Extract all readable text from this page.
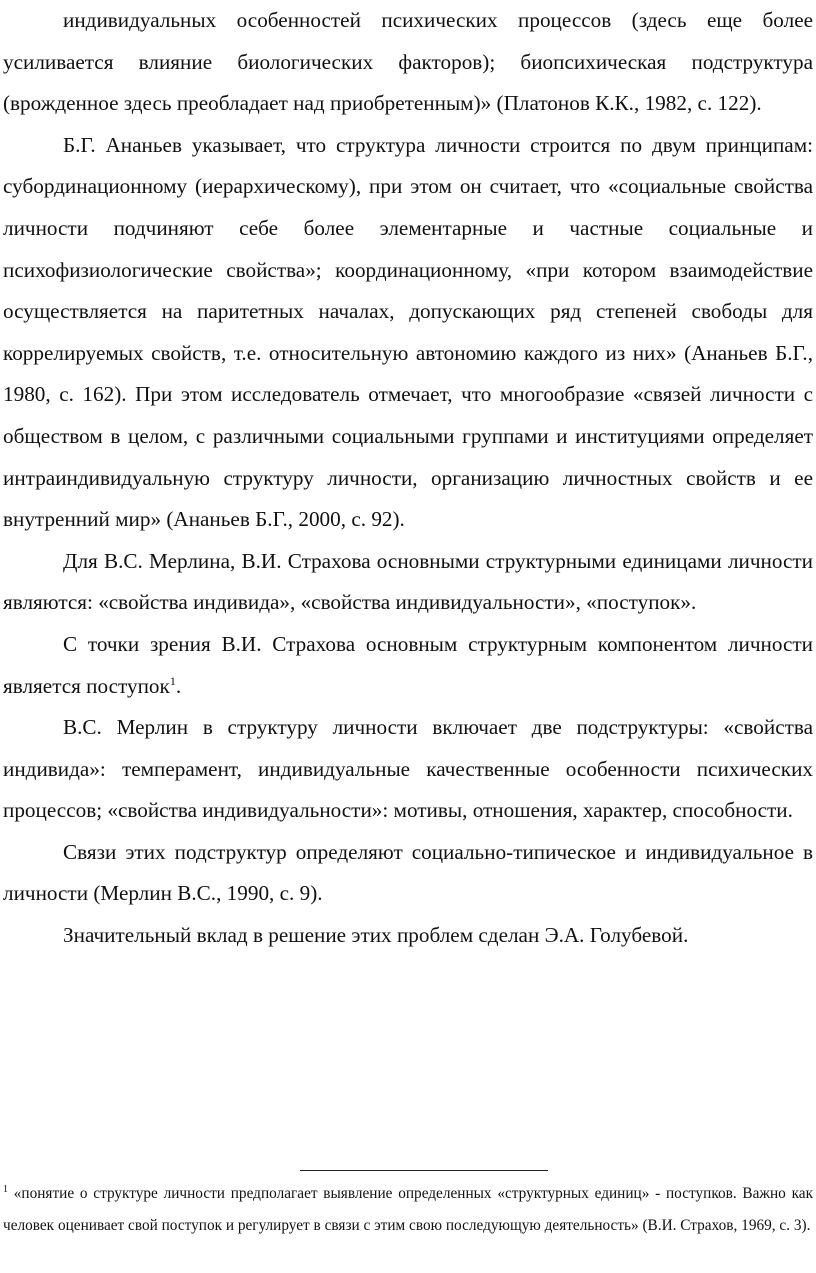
индивидуальных особенностей психических процессов (здесь еще более усиливается влияние биологических факторов); биопсихическая подструктура (врожденное здесь преобладает над приобретенным)» (Платонов К.К., 1982, с. 122).

Б.Г. Ананьев указывает, что структура личности строится по двум принципам: субординационному (иерархическому), при этом он считает, что «социальные свойства личности подчиняют себе более элементарные и частные социальные и психофизиологические свойства»; координационному, «при котором взаимодействие осуществляется на паритетных началах, допускающих ряд степеней свободы для коррелируемых свойств, т.е. относительную автономию каждого из них» (Ананьев Б.Г., 1980, с. 162). При этом исследователь отмечает, что многообразие «связей личности с обществом в целом, с различными социальными группами и институциями определяет интраиндивидуальную структуру личности, организацию личностных свойств и ее внутренний мир» (Ананьев Б.Г., 2000, с. 92).

Для В.С. Мерлина, В.И. Страхова основными структурными единицами личности являются: «свойства индивида», «свойства индивидуальности», «поступок».

С точки зрения В.И. Страхова основным структурным компонентом личности является поступок$^1$.

В.С. Мерлин в структуру личности включает две подструктуры: «свойства индивида»: темперамент, индивидуальные качественные особенности психических процессов; «свойства индивидуальности»: мотивы, отношения, характер, способности.

Связи этих подструктур определяют социально-типическое и индивидуальное в личности (Мерлин В.С., 1990, с. 9).

Значительный вклад в решение этих проблем сделан Э.А. Голубевой.

$^1$ «понятие о структуре личности предполагает выявление определенных «структурных единиц» - поступков. Важно как человек оценивает свой поступок и регулирует в связи с этим свою последующую деятельность» (В.И. Страхов, 1969, с. 3).
